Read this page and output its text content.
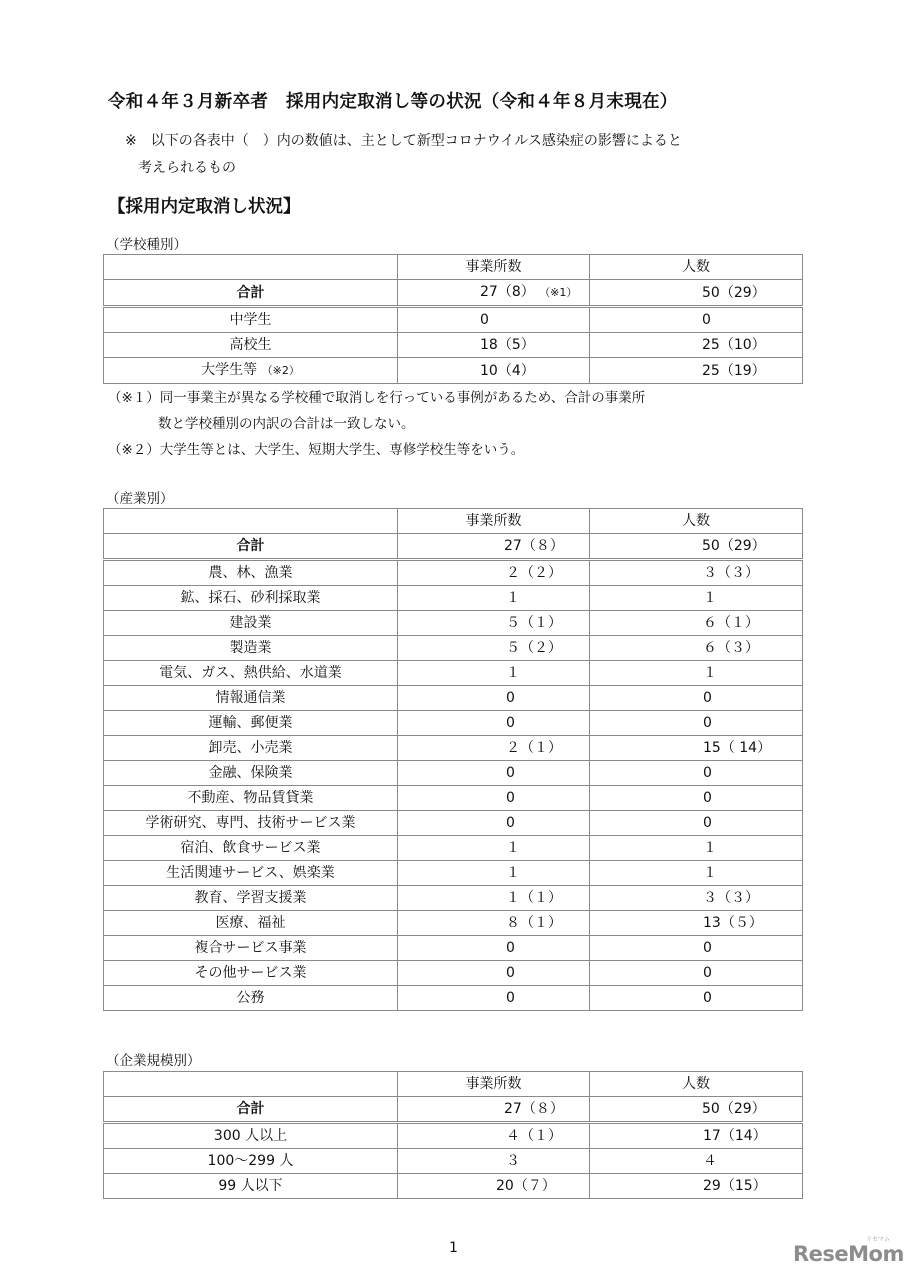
令和４年３月新卒者　採用内定取消し等の状況（令和４年８月末現在）
※　以下の各表中（　）内の数値は、主として新型コロナウイルス感染症の影響によると
考えられるもの
【採用内定取消し状況】
（学校種別）
	事業所数	人数
合計	27（8） （※1）	50（29）
中学生	0	0
高校生	18（5）	25（10）
大学生等 （※2）	10（4）	25（19）
（※１）同一事業主が異なる学校種で取消しを行っている事例があるため、合計の事業所
数と学校種別の内訳の合計は一致しない。
（※２）大学生等とは、大学生、短期大学生、専修学校生等をいう。
（産業別）
	事業所数	人数
合計	27（８）	50（29）
農、林、漁業	２（２）	３（３）
鉱、採石、砂利採取業	１	１
建設業	５（１）	６（１）
製造業	５（２）	６（３）
電気、ガス、熱供給、水道業	１	１
情報通信業	0	0
運輸、郵便業	0	0
卸売、小売業	２（１）	15（ 14）
金融、保険業	0	0
不動産、物品賃貸業	0	0
学術研究、専門、技術サービス業	0	0
宿泊、飲食サービス業	１	１
生活関連サービス、娯楽業	１	１
教育、学習支援業	１（１）	３（３）
医療、福祉	８（１）	13（５）
複合サービス事業	0	0
その他サービス業	0	0
公務	0	0
（企業規模別）
	事業所数	人数
合計	27（８）	50（29）
300 人以上	４（１）	17（14）
100～299 人	３	４
99 人以下	20（７）	29（15）
1	ReseMom
リセマム
